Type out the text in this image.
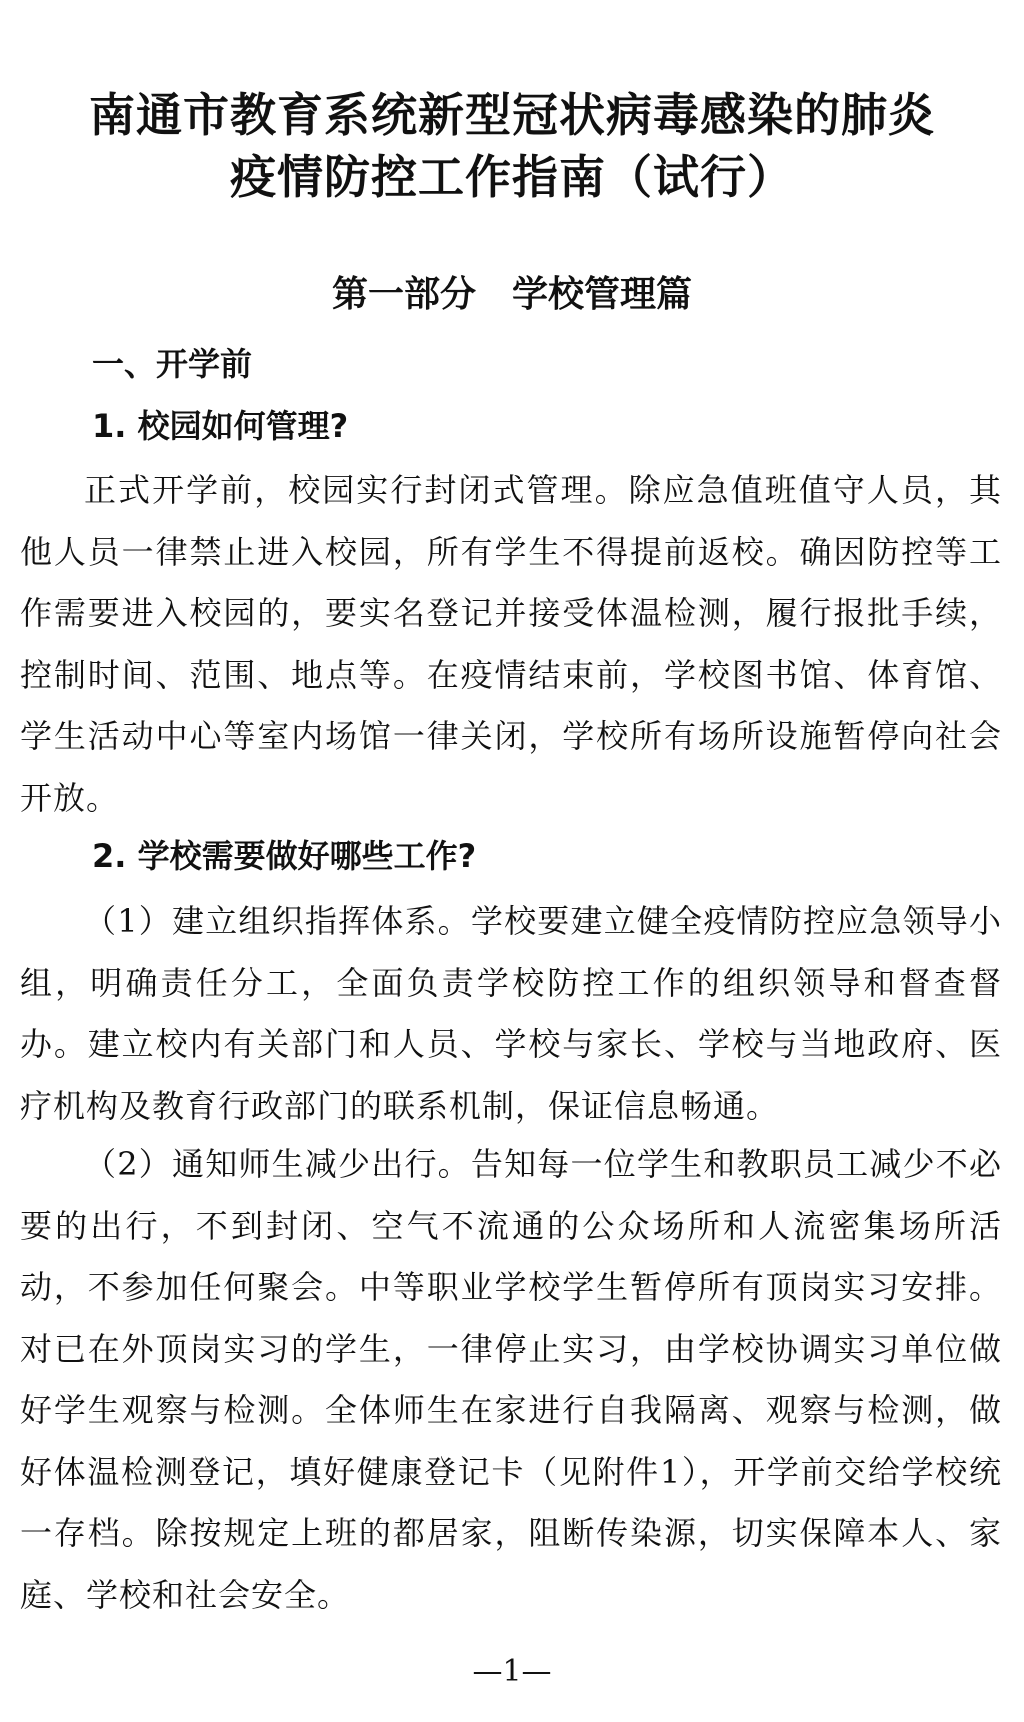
南通市教育系统新型冠状病毒感染的肺炎
疫情防控工作指南（试行）
第一部分　学校管理篇
一、开学前
1. 校园如何管理?

正式开学前，校园实行封闭式管理。除应急值班值守人员，其他人员一律禁止进入校园，所有学生不得提前返校。确因防控等工作需要进入校园的，要实名登记并接受体温检测，履行报批手续，控制时间、范围、地点等。在疫情结束前，学校图书馆、体育馆、学生活动中心等室内场馆一律关闭，学校所有场所设施暂停向社会开放。

2. 学校需要做好哪些工作?

（1）建立组织指挥体系。学校要建立健全疫情防控应急领导小组，明确责任分工，全面负责学校防控工作的组织领导和督查督办。建立校内有关部门和人员、学校与家长、学校与当地政府、医疗机构及教育行政部门的联系机制，保证信息畅通。

（2）通知师生减少出行。告知每一位学生和教职员工减少不必要的出行，不到封闭、空气不流通的公众场所和人流密集场所活动，不参加任何聚会。中等职业学校学生暂停所有顶岗实习安排。对已在外顶岗实习的学生，一律停止实习，由学校协调实习单位做好学生观察与检测。全体师生在家进行自我隔离、观察与检测，做好体温检测登记，填好健康登记卡（见附件1），开学前交给学校统一存档。除按规定上班的都居家，阻断传染源，切实保障本人、家庭、学校和社会安全。

—1—
